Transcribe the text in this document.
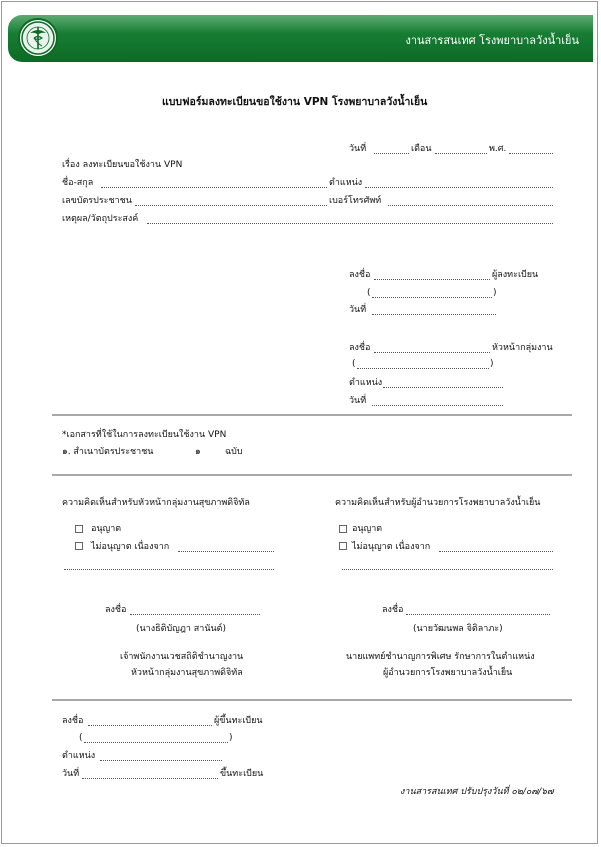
งานสารสนเทศ โรงพยาบาลวังน้ำเย็น
แบบฟอร์มลงทะเบียนขอใช้งาน VPN โรงพยาบาลวังน้ำเย็น
วันที่	เดือน	พ.ศ.
เรื่อง ลงทะเบียนขอใช้งาน VPN
ชื่อ-สกุล	ตำแหน่ง
เลขบัตรประชาชน	เบอร์โทรศัพท์
เหตุผล/วัตถุประสงค์
ลงชื่อ	ผู้ลงทะเบียน
(	)
วันที่
ลงชื่อ	หัวหน้ากลุ่มงาน
(	)
ตำแหน่ง
วันที่
*เอกสารที่ใช้ในการลงทะเบียนใช้งาน VPN
๑. สำเนาบัตรประชาชน	๑	ฉบับ
ความคิดเห็นสำหรับหัวหน้ากลุ่มงานสุขภาพดิจิทัล
อนุญาต
ไม่อนุญาต เนื่องจาก
ลงชื่อ
(นางธิติบัญฎา สานันต์)
เจ้าพนักงานเวชสถิติชำนาญงาน
หัวหน้ากลุ่มงานสุขภาพดิจิทัล
ความคิดเห็นสำหรับผู้อำนวยการโรงพยาบาลวังน้ำเย็น
อนุญาต
ไม่อนุญาต เนื่องจาก
ลงชื่อ
(นายวัฒนพล จิติลาภะ)
นายแพทย์ชำนาญการพิเศษ รักษาการในตำแหน่ง
ผู้อำนวยการโรงพยาบาลวังน้ำเย็น
ลงชื่อ	ผู้ขึ้นทะเบียน
(	)
ตำแหน่ง
วันที่	ขึ้นทะเบียน
งานสารสนเทศ ปรับปรุงวันที่ ๐๒/๐๗/๖๗
